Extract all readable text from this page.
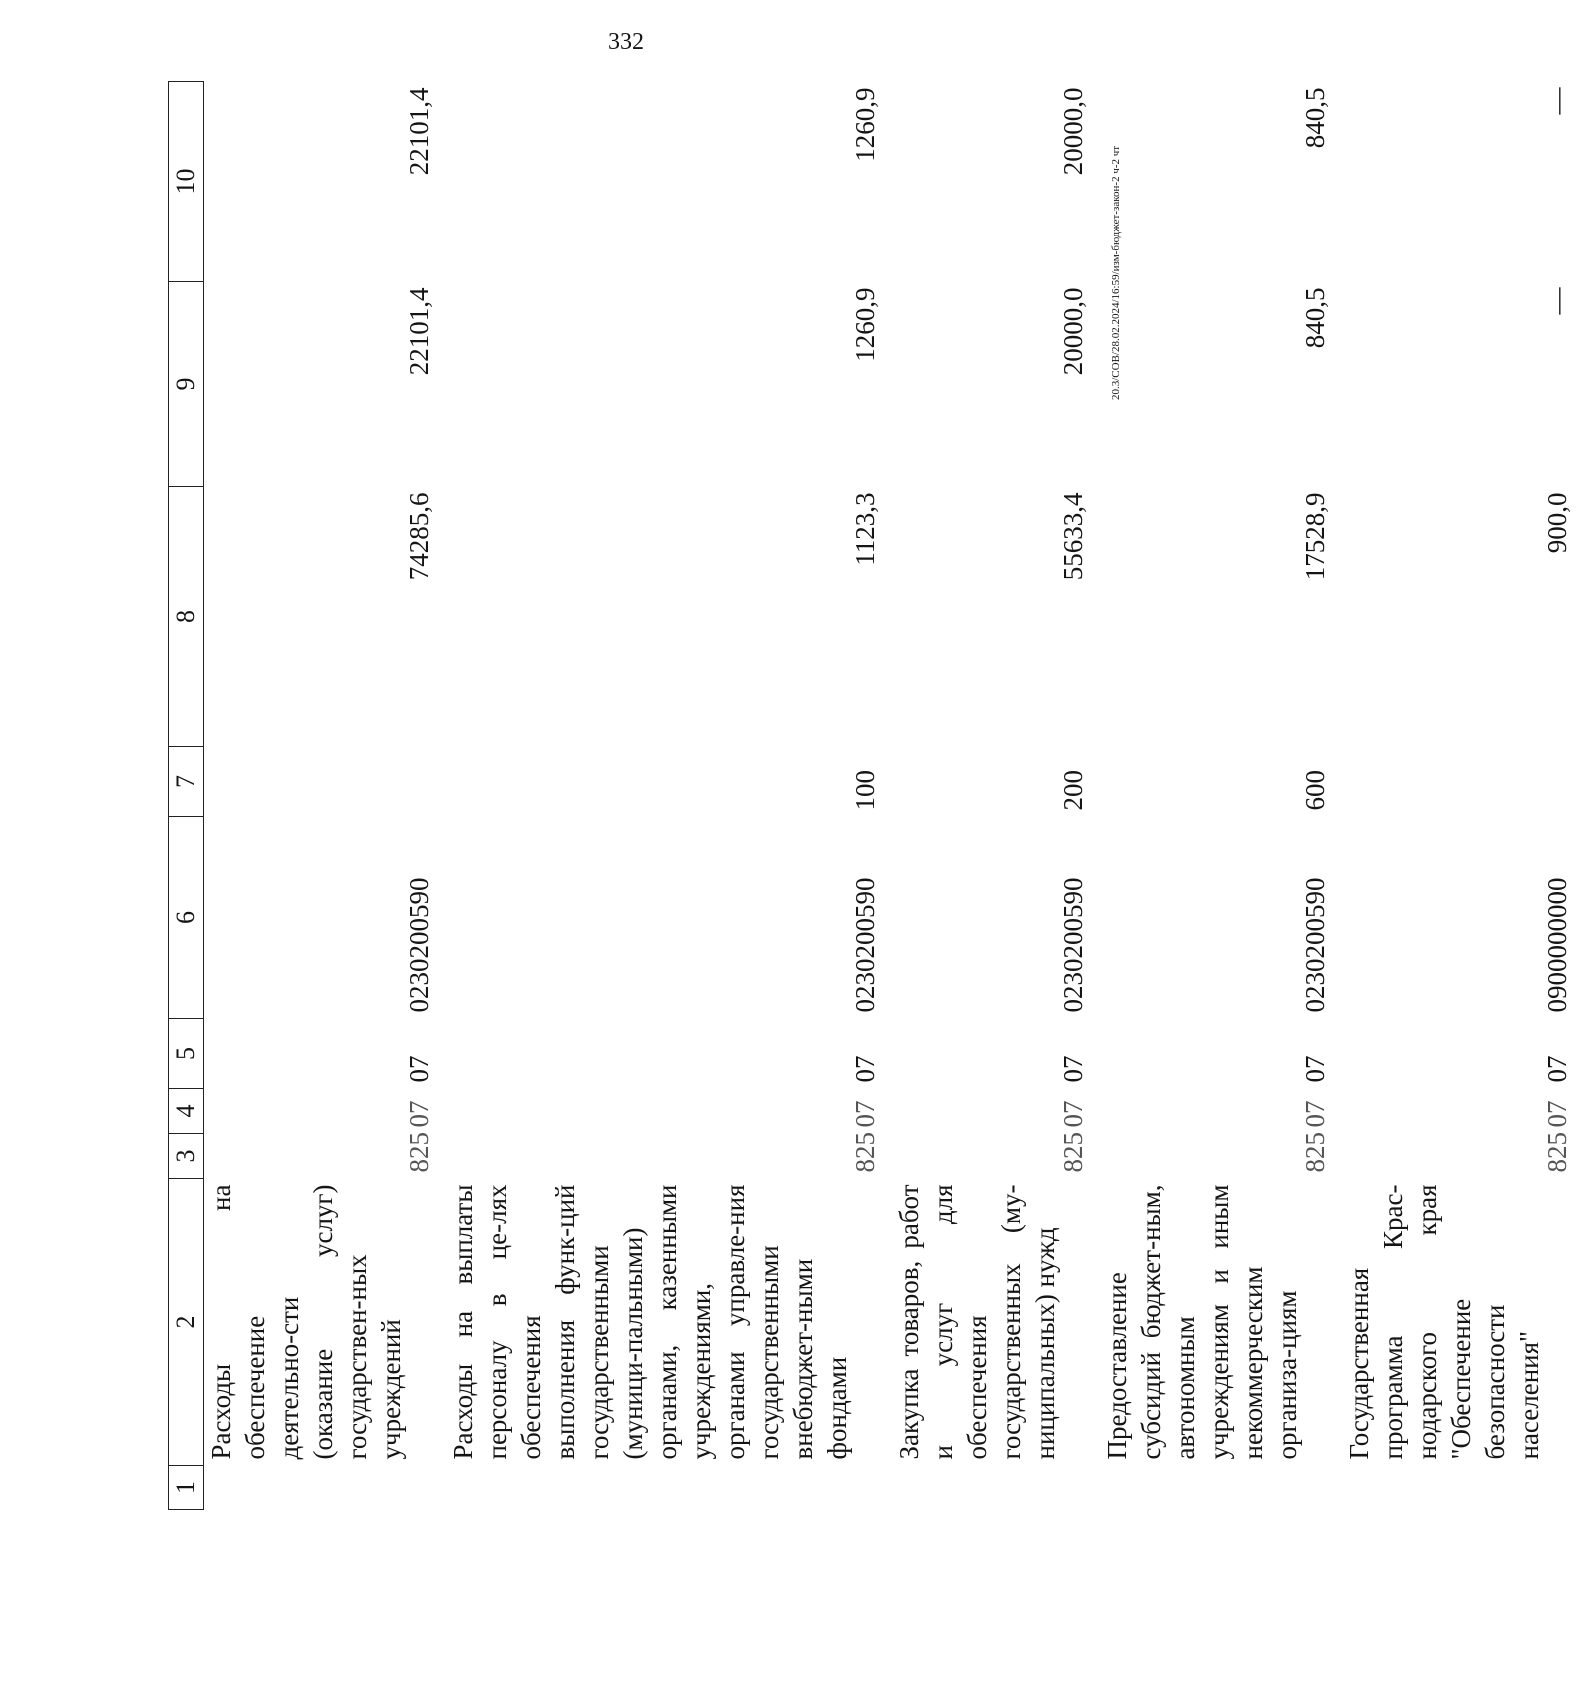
332
20.3/СОВ/28.02.2024/16:59/изм-бюджет-закон-2 ч-2 чт
1	2	3	4	5	6	7	8	9	10
	Расходы на обеспечение деятельно-сти (оказание услуг) государствен-ных учреждений	825	07	07	0230200590		74285,6	22101,4	22101,4
	Расходы на выплаты персоналу в це-лях обеспечения выполнения функ-ций государственными (муници-пальными) органами, казенными учреждениями, органами управле-ния государственными внебюджет-ными фондами	825	07	07	0230200590	100	1123,3	1260,9	1260,9
	Закупка товаров, работ и услуг для обеспечения государственных (му-ниципальных) нужд	825	07	07	0230200590	200	55633,4	20000,0	20000,0
	Предоставление субсидий бюджет-ным, автономным учреждениям и иным некоммерческим организа-циям	825	07	07	0230200590	600	17528,9	840,5	840,5
	Государственная программа Крас-нодарского края "Обеспечение безопасности населения"	825	07	07	0900000000		900,0	—	—
